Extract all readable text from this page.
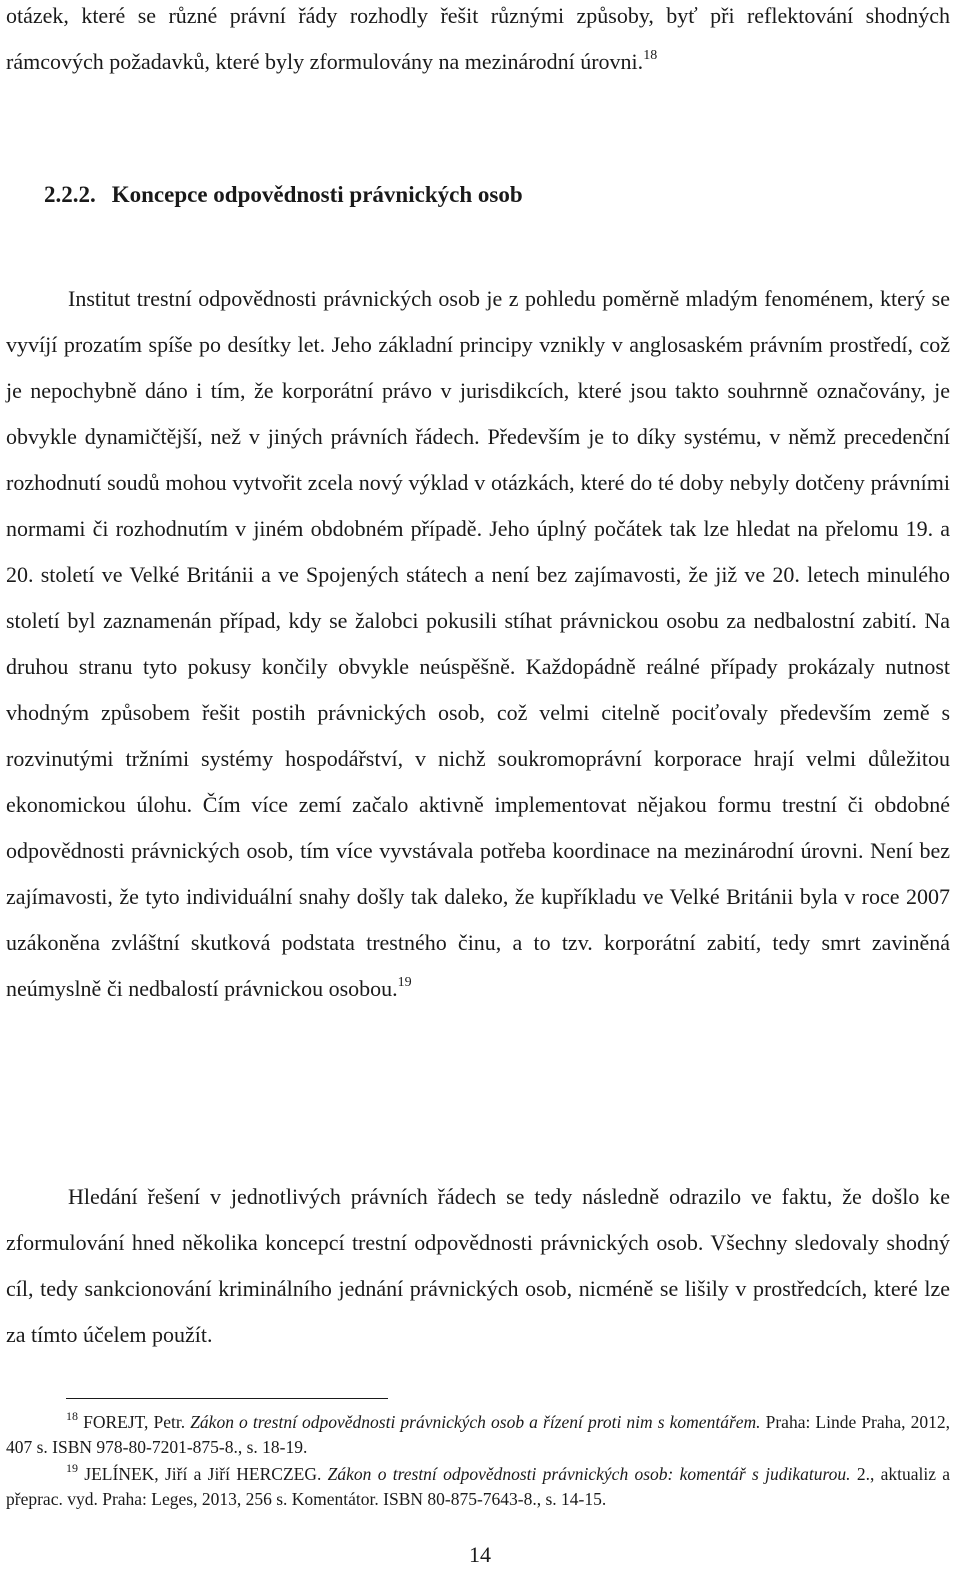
otázek, které se různé právní řády rozhodly řešit různými způsoby, byť při reflektování shodných rámcových požadavků, které byly zformulovány na mezinárodní úrovni.$^{18}$

2.2.2. Koncepce odpovědnosti právnických osob

Institut trestní odpovědnosti právnických osob je z pohledu poměrně mladým fenoménem, který se vyvíjí prozatím spíše po desítky let. Jeho základní principy vznikly v anglosaském právním prostředí, což je nepochybně dáno i tím, že korporátní právo v jurisdikcích, které jsou takto souhrnně označovány, je obvykle dynamičtější, než v jiných právních řádech. Především je to díky systému, v němž precedenční rozhodnutí soudů mohou vytvořit zcela nový výklad v otázkách, které do té doby nebyly dotčeny právními normami či rozhodnutím v jiném obdobném případě. Jeho úplný počátek tak lze hledat na přelomu 19. a 20. století ve Velké Británii a ve Spojených státech a není bez zajímavosti, že již ve 20. letech minulého století byl zaznamenán případ, kdy se žalobci pokusili stíhat právnickou osobu za nedbalostní zabití. Na druhou stranu tyto pokusy končily obvykle neúspěšně. Každopádně reálné případy prokázaly nutnost vhodným způsobem řešit postih právnických osob, což velmi citelně pociťovaly především země s rozvinutými tržními systémy hospodářství, v nichž soukromoprávní korporace hrají velmi důležitou ekonomickou úlohu. Čím více zemí začalo aktivně implementovat nějakou formu trestní či obdobné odpovědnosti právnických osob, tím více vyvstávala potřeba koordinace na mezinárodní úrovni. Není bez zajímavosti, že tyto individuální snahy došly tak daleko, že kupříkladu ve Velké Británii byla v roce 2007 uzákoněna zvláštní skutková podstata trestného činu, a to tzv. korporátní zabití, tedy smrt zaviněná neúmyslně či nedbalostí právnickou osobou.$^{19}$

Hledání řešení v jednotlivých právních řádech se tedy následně odrazilo ve faktu, že došlo ke zformulování hned několika koncepcí trestní odpovědnosti právnických osob. Všechny sledovaly shodný cíl, tedy sankcionování kriminálního jednání právnických osob, nicméně se lišily v prostředcích, které lze za tímto účelem použít.

$^{18}$ FOREJT, Petr. Zákon o trestní odpovědnosti právnických osob a řízení proti nim s komentářem. Praha: Linde Praha, 2012, 407 s. ISBN 978-80-7201-875-8., s. 18-19.

$^{19}$ JELÍNEK, Jiří a Jiří HERCZEG. Zákon o trestní odpovědnosti právnických osob: komentář s judikaturou. 2., aktualiz a přeprac. vyd. Praha: Leges, 2013, 256 s. Komentátor. ISBN 80-875-7643-8., s. 14-15.

14
